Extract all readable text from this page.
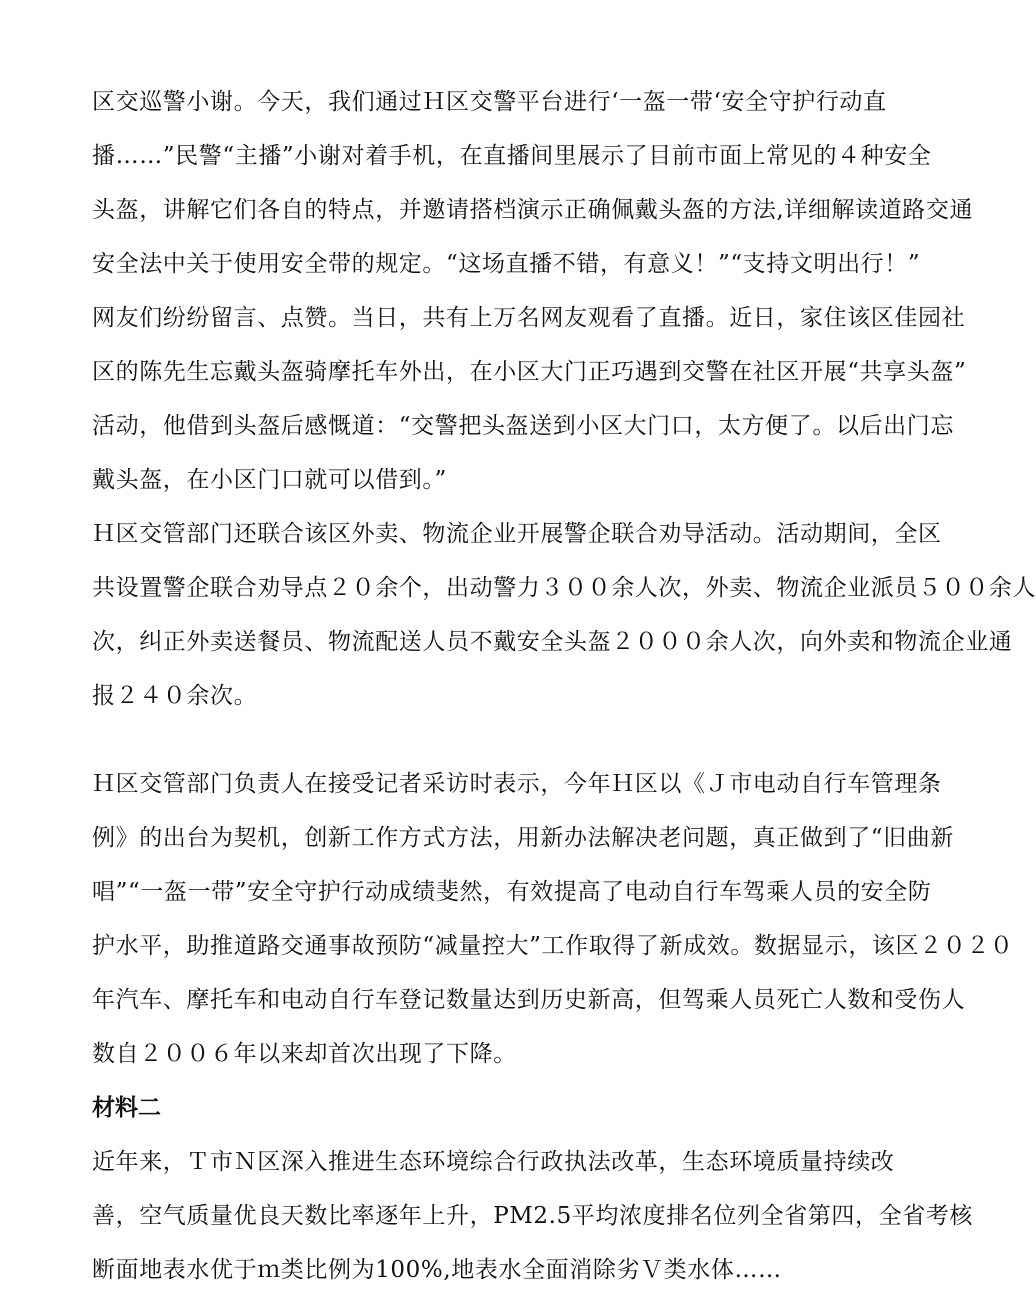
区交巡警小谢。今天，我们通过Ｈ区交警平台进行‘一盔一带‘安全守护行动直
播……”民警“主播”小谢对着手机，在直播间里展示了目前市面上常见的４种安全
头盔，讲解它们各自的特点，并邀请搭档演示正确佩戴头盔的方法,详细解读道路交通
安全法中关于使用安全带的规定。“这场直播不错，有意义！”“支持文明出行！”
网友们纷纷留言、点赞。当日，共有上万名网友观看了直播。近日，家住该区佳园社
区的陈先生忘戴头盔骑摩托车外出，在小区大门正巧遇到交警在社区开展“共享头盔”
活动，他借到头盔后感慨道：“交警把头盔送到小区大门口，太方便了。以后出门忘
戴头盔，在小区门口就可以借到。”
Ｈ区交管部门还联合该区外卖、物流企业开展警企联合劝导活动。活动期间，全区
共设置警企联合劝导点２０余个，出动警力３００余人次，外卖、物流企业派员５００余人
次，纠正外卖送餐员、物流配送人员不戴安全头盔２０００余人次，向外卖和物流企业通
报２４０余次。
Ｈ区交管部门负责人在接受记者采访时表示，今年Ｈ区以《Ｊ市电动自行车管理条
例》的出台为契机，创新工作方式方法，用新办法解决老问题，真正做到了“旧曲新
唱”“一盔一带”安全守护行动成绩斐然，有效提高了电动自行车驾乘人员的安全防
护水平，助推道路交通事故预防“减量控大”工作取得了新成效。数据显示，该区２０２０
年汽车、摩托车和电动自行车登记数量达到历史新高，但驾乘人员死亡人数和受伤人
数自２００６年以来却首次出现了下降。
材料二
近年来，Ｔ市Ｎ区深入推进生态环境综合行政执法改革，生态环境质量持续改
善，空气质量优良天数比率逐年上升，PM2.5平均浓度排名位列全省第四，全省考核
断面地表水优于ｍ类比例为100%,地表水全面消除劣Ｖ类水体……
